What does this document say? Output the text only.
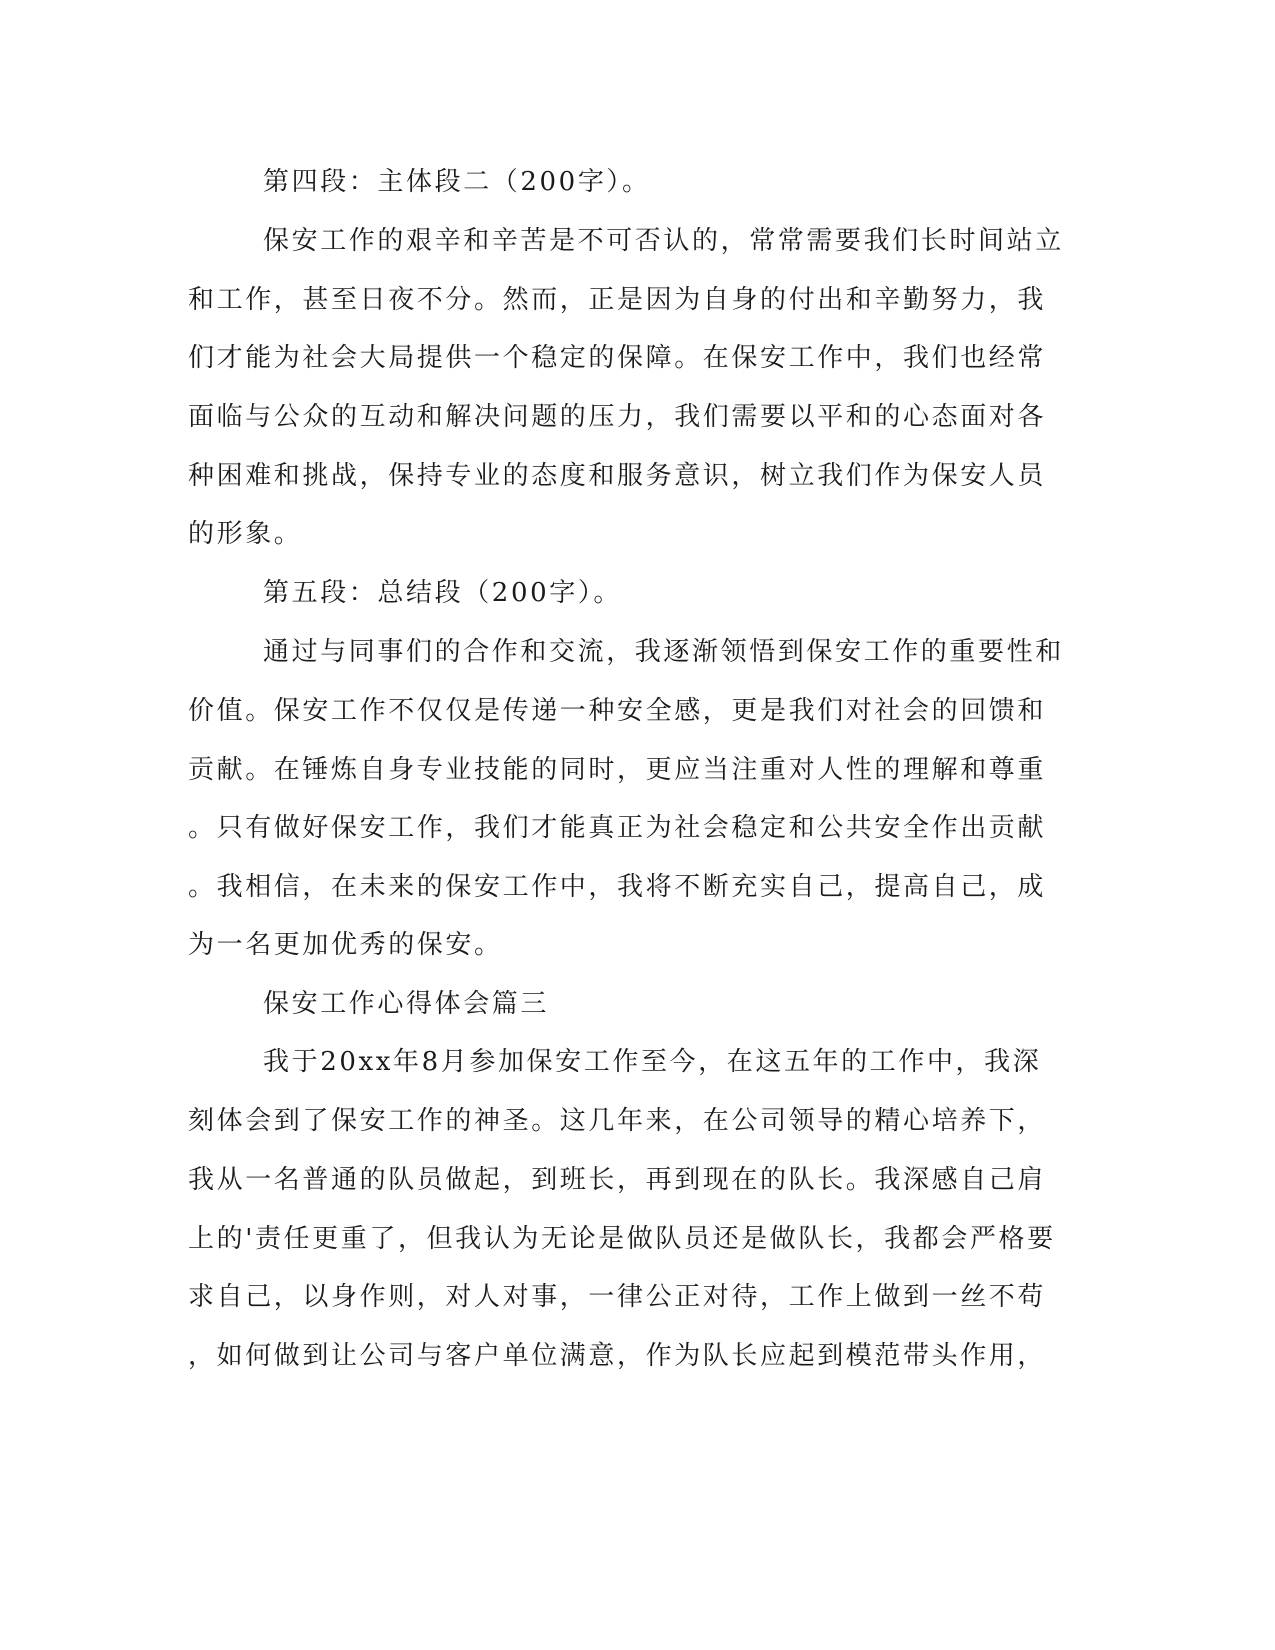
第四段：主体段二（200字）。
保安工作的艰辛和辛苦是不可否认的，常常需要我们长时间站立
和工作，甚至日夜不分。然而，正是因为自身的付出和辛勤努力，我
们才能为社会大局提供一个稳定的保障。在保安工作中，我们也经常
面临与公众的互动和解决问题的压力，我们需要以平和的心态面对各
种困难和挑战，保持专业的态度和服务意识，树立我们作为保安人员
的形象。
第五段：总结段（200字）。
通过与同事们的合作和交流，我逐渐领悟到保安工作的重要性和
价值。保安工作不仅仅是传递一种安全感，更是我们对社会的回馈和
贡献。在锤炼自身专业技能的同时，更应当注重对人性的理解和尊重
。只有做好保安工作，我们才能真正为社会稳定和公共安全作出贡献
。我相信，在未来的保安工作中，我将不断充实自己，提高自己，成
为一名更加优秀的保安。
保安工作心得体会篇三
我于20xx年8月参加保安工作至今，在这五年的工作中，我深
刻体会到了保安工作的神圣。这几年来，在公司领导的精心培养下，
我从一名普通的队员做起，到班长，再到现在的队长。我深感自己肩
上的'责任更重了，但我认为无论是做队员还是做队长，我都会严格要
求自己，以身作则，对人对事，一律公正对待，工作上做到一丝不苟
，如何做到让公司与客户单位满意，作为队长应起到模范带头作用，
